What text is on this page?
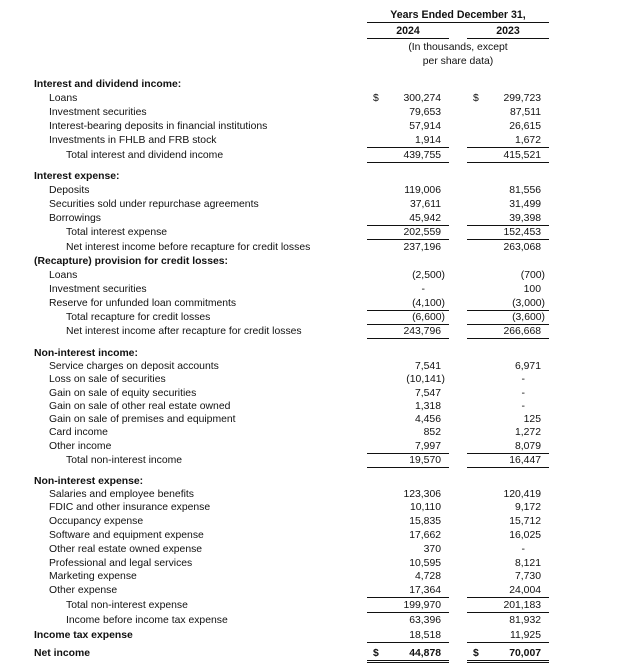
Years Ended December 31,
2024	2023
(In thousands, except
per share data)
Interest and dividend income:
Loans	$ 300,274	$ 299,723
Investment securities	79,653	87,511
Interest-bearing deposits in financial institutions	57,914	26,615
Investments in FHLB and FRB stock	1,914	1,672
Total interest and dividend income	439,755	415,521
Interest expense:
Deposits	119,006	81,556
Securities sold under repurchase agreements	37,611	31,499
Borrowings	45,942	39,398
Total interest expense	202,559	152,453
Net interest income before recapture for credit losses	237,196	263,068
(Recapture) provision for credit losses:
Loans	(2,500)	(700)
Investment securities	-	100
Reserve for unfunded loan commitments	(4,100)	(3,000)
Total recapture for credit losses	(6,600)	(3,600)
Net interest income after recapture for credit losses	243,796	266,668
Non-interest income:
Service charges on deposit accounts	7,541	6,971
Loss on sale of securities	(10,141)	-
Gain on sale of equity securities	7,547	-
Gain on sale of other real estate owned	1,318	-
Gain on sale of premises and equipment	4,456	125
Card income	852	1,272
Other income	7,997	8,079
Total non-interest income	19,570	16,447
Non-interest expense:
Salaries and employee benefits	123,306	120,419
FDIC and other insurance expense	10,110	9,172
Occupancy expense	15,835	15,712
Software and equipment expense	17,662	16,025
Other real estate owned expense	370	-
Professional and legal services	10,595	8,121
Marketing expense	4,728	7,730
Other expense	17,364	24,004
Total non-interest expense	199,970	201,183
Income before income tax expense	63,396	81,932
Income tax expense	18,518	11,925
Net income	$	44,878	$	70,007
